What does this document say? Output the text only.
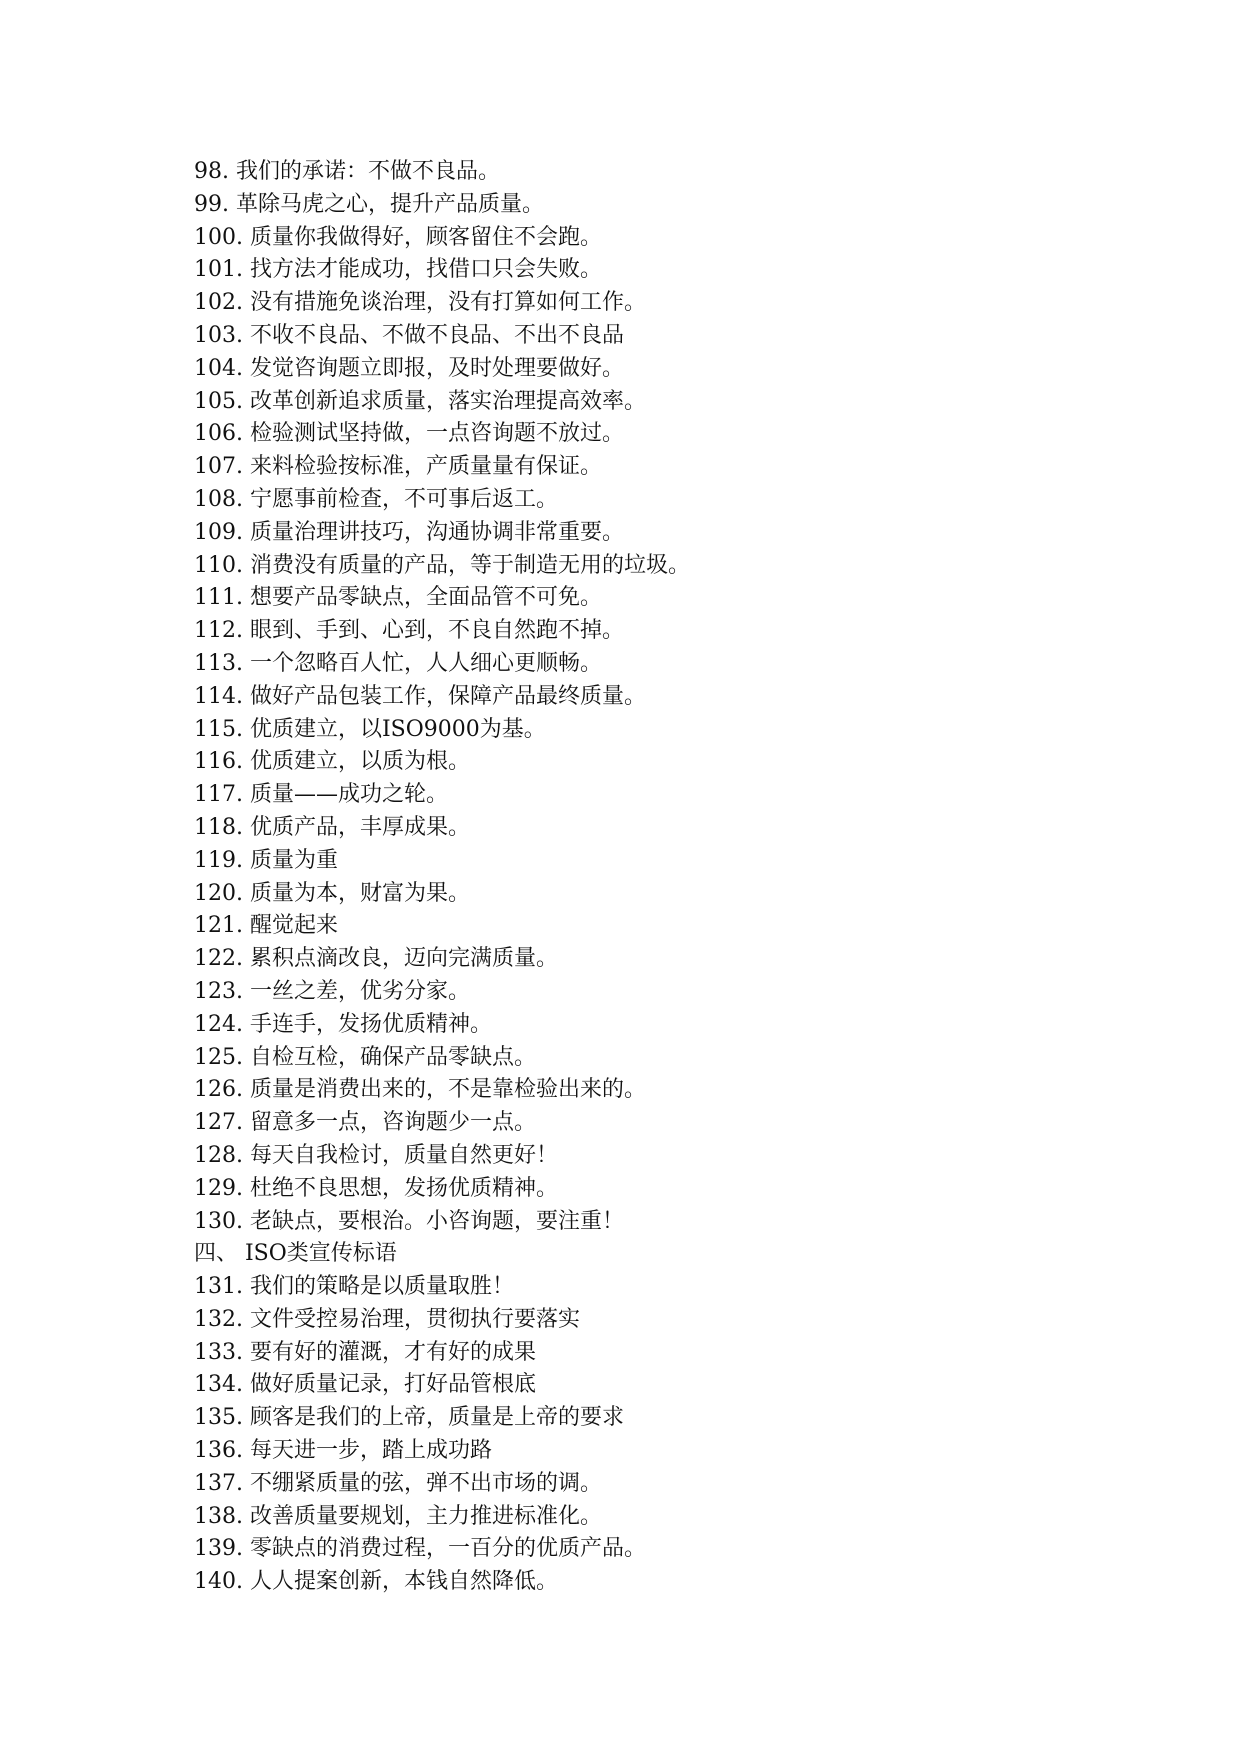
98. 我们的承诺：不做不良品。
99. 革除马虎之心，提升产品质量。
100. 质量你我做得好，顾客留住不会跑。
101. 找方法才能成功，找借口只会失败。
102. 没有措施免谈治理，没有打算如何工作。
103. 不收不良品、不做不良品、不出不良品
104. 发觉咨询题立即报，及时处理要做好。
105. 改革创新追求质量，落实治理提高效率。
106. 检验测试坚持做，一点咨询题不放过。
107. 来料检验按标准，产质量量有保证。
108. 宁愿事前检查，不可事后返工。
109. 质量治理讲技巧，沟通协调非常重要。
110. 消费没有质量的产品，等于制造无用的垃圾。
111. 想要产品零缺点，全面品管不可免。
112. 眼到、手到、心到，不良自然跑不掉。
113. 一个忽略百人忙，人人细心更顺畅。
114. 做好产品包装工作，保障产品最终质量。
115. 优质建立，以ISO9000为基。
116. 优质建立，以质为根。
117. 质量——成功之轮。
118. 优质产品，丰厚成果。
119. 质量为重
120. 质量为本，财富为果。
121. 醒觉起来
122. 累积点滴改良，迈向完满质量。
123. 一丝之差，优劣分家。
124. 手连手，发扬优质精神。
125. 自检互检，确保产品零缺点。
126. 质量是消费出来的，不是靠检验出来的。
127. 留意多一点，咨询题少一点。
128. 每天自我检讨，质量自然更好！
129. 杜绝不良思想，发扬优质精神。
130. 老缺点，要根治。小咨询题，要注重！
四、 ISO类宣传标语
131. 我们的策略是以质量取胜！
132. 文件受控易治理，贯彻执行要落实
133. 要有好的灌溉，才有好的成果
134. 做好质量记录，打好品管根底
135. 顾客是我们的上帝，质量是上帝的要求
136. 每天进一步，踏上成功路
137. 不绷紧质量的弦，弹不出市场的调。
138. 改善质量要规划，主力推进标准化。
139. 零缺点的消费过程，一百分的优质产品。
140. 人人提案创新，本钱自然降低。
